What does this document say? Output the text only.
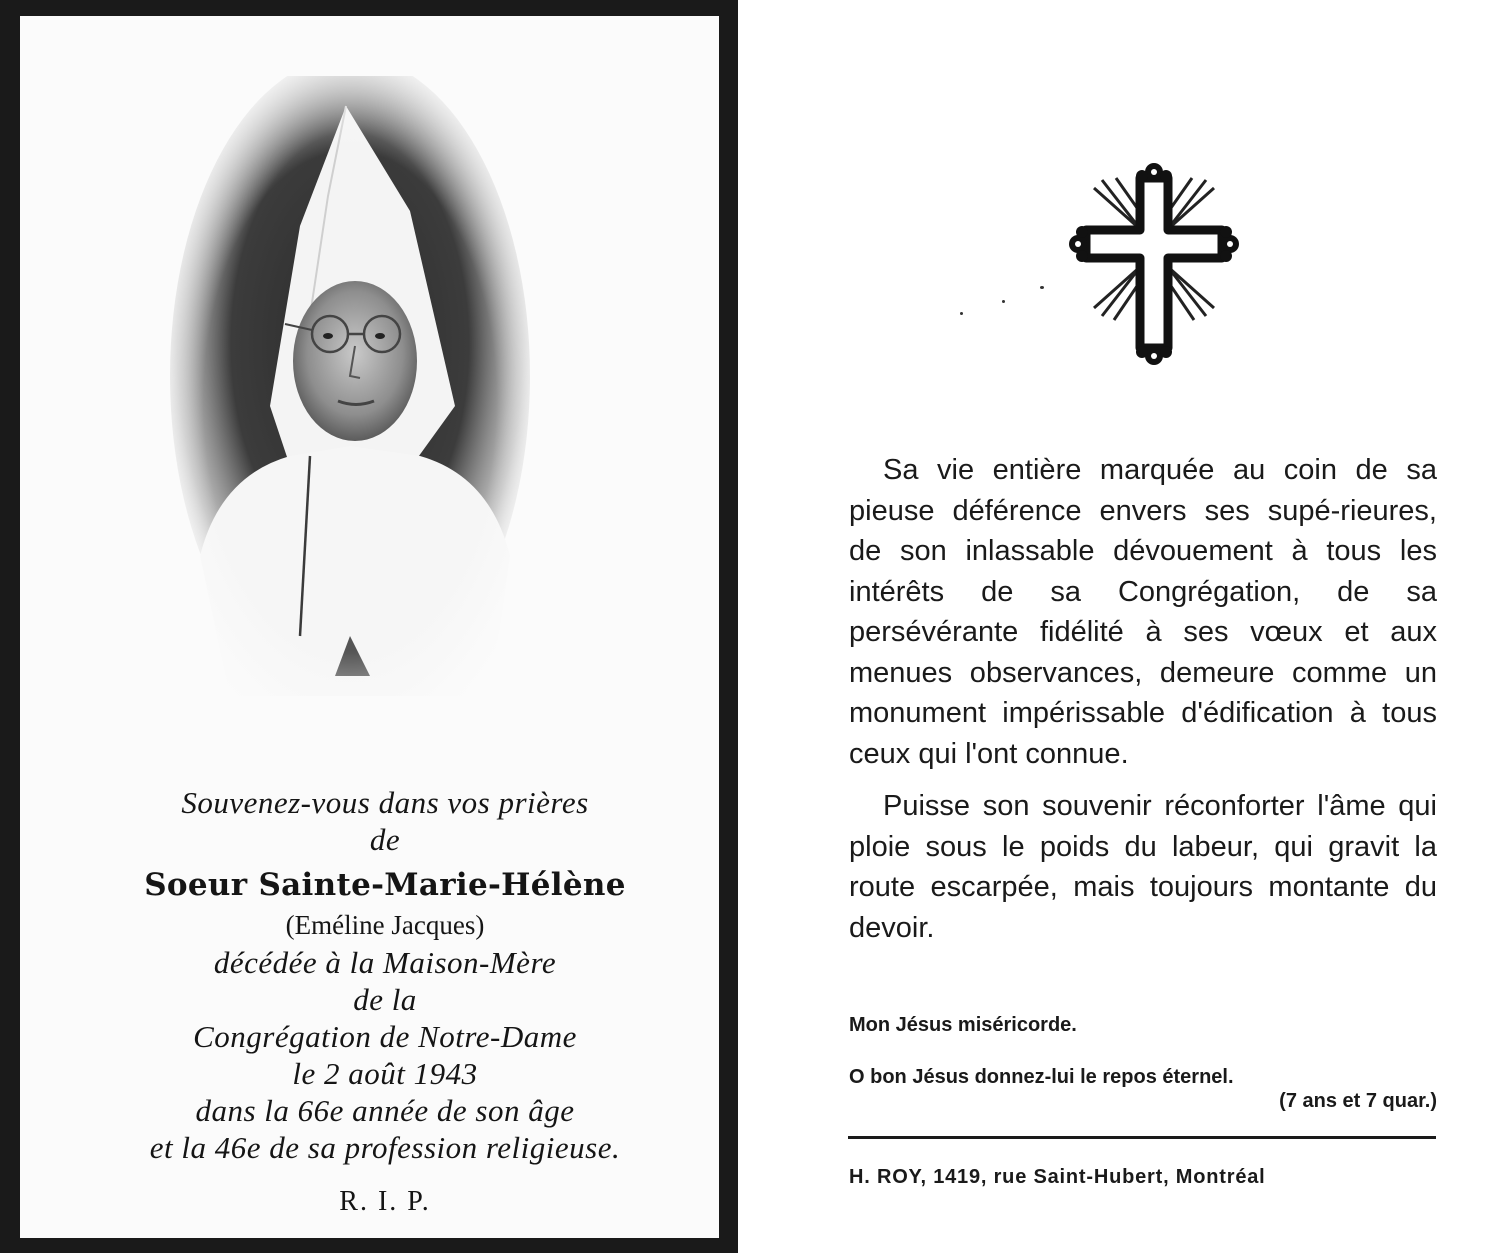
Souvenez-vous dans vos prières
de
Soeur Sainte-Marie-Hélène
(Eméline Jacques)
décédée à la Maison-Mère
de la
Congrégation de Notre-Dame
le 2 août 1943
dans la 66e année de son âge
et la 46e de sa profession religieuse.
R. I. P.

Sa vie entière marquée au coin de sa pieuse déférence envers ses supé-rieures, de son inlassable dévouement à tous les intérêts de sa Congrégation, de sa persévérante fidélité à ses vœux et aux menues observances, demeure comme un monument impérissable d'édification à tous ceux qui l'ont connue.

Puisse son souvenir réconforter l'âme qui ploie sous le poids du labeur, qui gravit la route escarpée, mais toujours montante du devoir.

Mon Jésus miséricorde.
O bon Jésus donnez-lui le repos éternel.
(7 ans et 7 quar.)
H. ROY, 1419, rue Saint-Hubert, Montréal
